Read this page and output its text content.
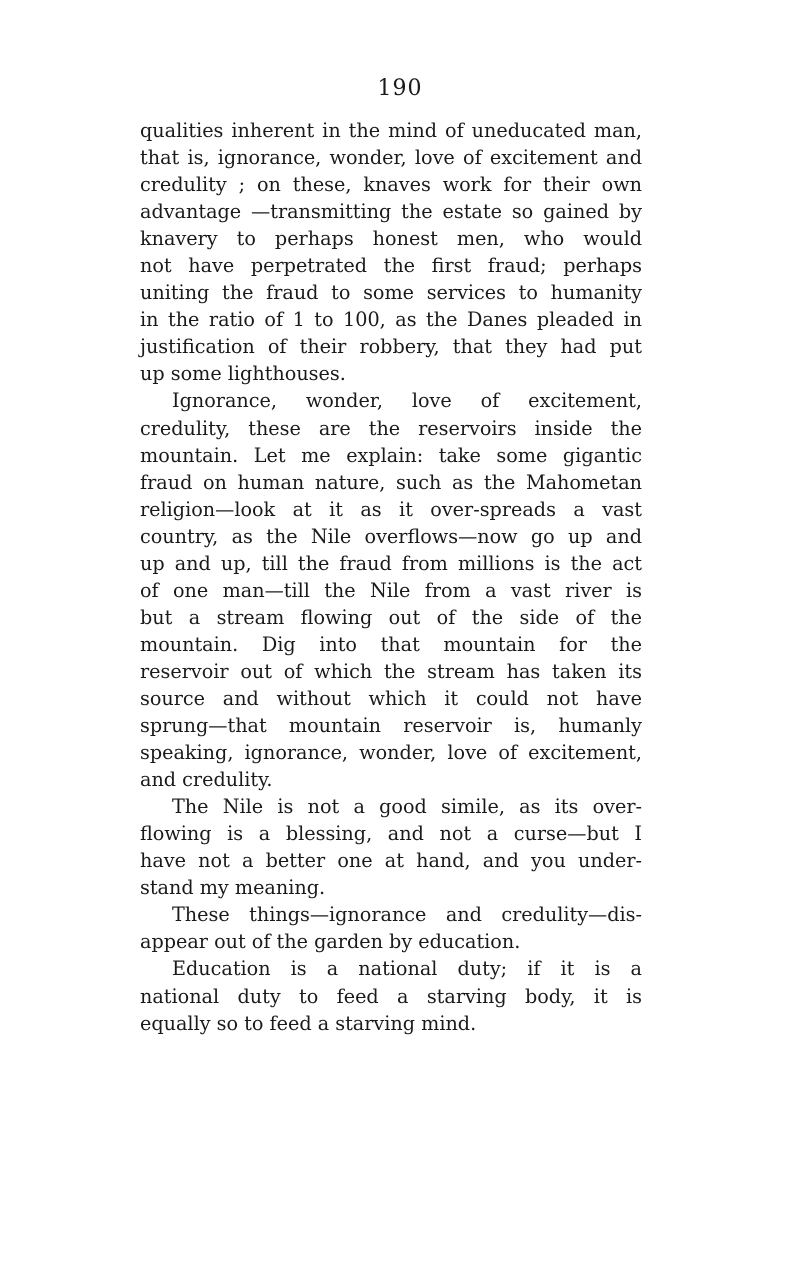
190
qualities inherent in the mind of uneducated man,
that is, ignorance, wonder, love of excitement and
credulity ; on these, knaves work for their own
advantage —transmitting the estate so gained by
knavery to perhaps honest men, who would
not have perpetrated the first fraud; perhaps
uniting the fraud to some services to humanity
in the ratio of 1 to 100, as the Danes pleaded in
justification of their robbery, that they had put
up some lighthouses.
Ignorance, wonder, love of excitement,
credulity, these are the reservoirs inside the
mountain. Let me explain: take some gigantic
fraud on human nature, such as the Mahometan
religion—look at it as it over-spreads a vast
country, as the Nile overflows—now go up and
up and up, till the fraud from millions is the act
of one man—till the Nile from a vast river is
but a stream flowing out of the side of the
mountain. Dig into that mountain for the
reservoir out of which the stream has taken its
source and without which it could not have
sprung—that mountain reservoir is, humanly
speaking, ignorance, wonder, love of excitement,
and credulity.
The Nile is not a good simile, as its over-
flowing is a blessing, and not a curse—but I
have not a better one at hand, and you under-
stand my meaning.
These things—ignorance and credulity—dis-
appear out of the garden by education.
Education is a national duty; if it is a
national duty to feed a starving body, it is
equally so to feed a starving mind.
